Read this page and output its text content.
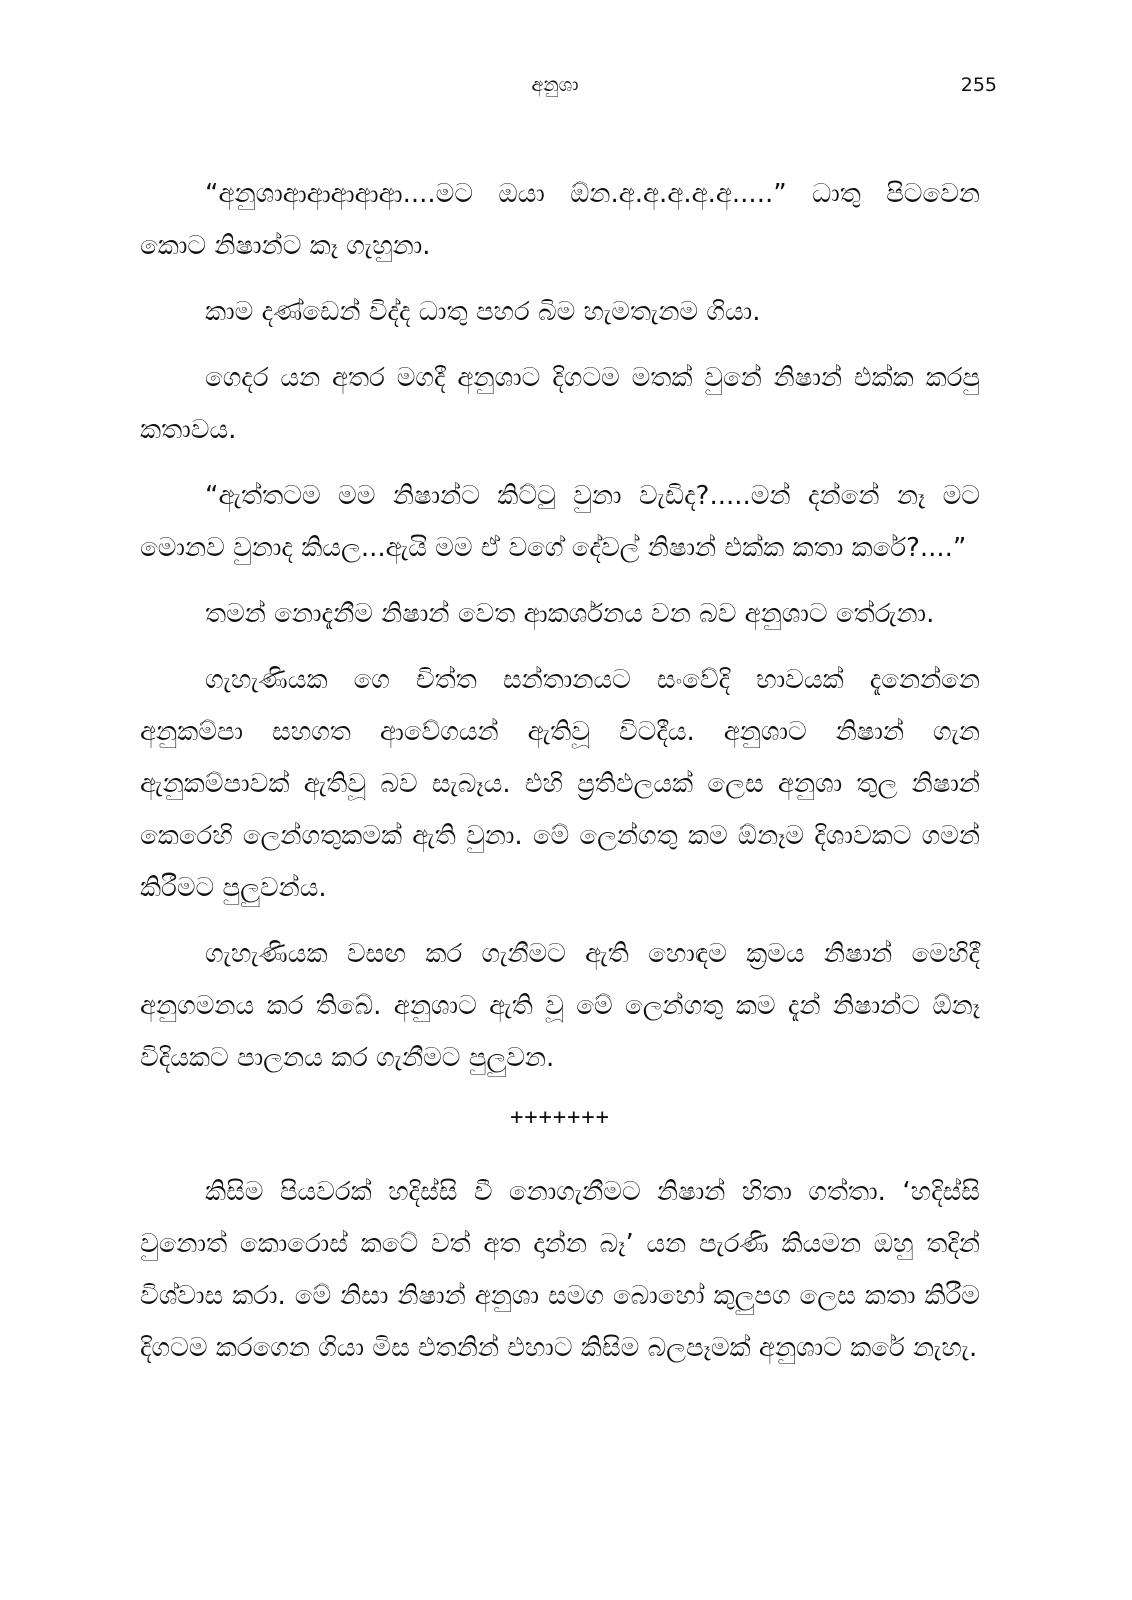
අනුශා	255

“අනුශාආආආආආ....මට ඔයා ඕන.අ.අ.අ.අ.අ.....” ධාතු පිටවෙන කොට නිෂාන්ට කෑ ගැහුනා.

කාම දණ්ඩෙන් විද්ද ධාතු පහර බිම හැමතැනම ගියා.

ගෙදර යන අතර මගදී අනුශාට දිගටම මතක් වුනේ නිෂාන් එක්ක කරපු කතාවය.

“ඇත්තටම මම නිෂාන්ට කිට්ටු වුනා වැඩිද?.....මන් දන්නේ නෑ මට මොනව වුනාද කියල...ඇයි මම ඒ වගේ දේවල් නිෂාන් එක්ක කතා කරේ?....”

තමන් නොදැනීම නිෂාන් වෙත ආකර්ශනය වන බව අනුශාට තේරුනා.

ගැහැණියක ගෙ චිත්ත සන්තානයට සංවේදි භාවයක් දැනෙන්නෙ අනුකම්පා සහගත ආවේගයන් ඇතිවූ විටදීය. අනුශාට නිෂාන් ගැන ඇනුකම්පාවක් ඇතිවූ බව සැබෑය. එහි ප්‍රතිඵලයක් ලෙස අනුශා තුල නිෂාන් කෙරෙහි ලෙන්ගතුකමක් ඇති වුනා. මේ ලෙන්ගතු කම ඕනෑම දිශාවකට ගමන් කිරීමට පුලුවන්ය.

ගැහැණියක වසඟ කර ගැනීමට ඇති හොඳම ක්‍රමය නිෂාන් මෙහිදී අනුගමනය කර තිබේ. අනුශාට ඇති වූ මේ ලෙන්ගතු කම දැන් නිෂාන්ට ඕනෑ විදියකට පාලනය කර ගැනීමට පුලුවන.

+++++++

කිසිම පියවරක් හදිස්සි වී නොගැනීමට නිෂාන් හිතා ගත්තා. ‘හදිස්සි වුනොත් කොරොස් කටේ වත් අත දාන්න බෑ’ යන පැරණි කියමන ඔහු තදින් විශ්වාස කරා. මේ නිසා නිෂාන් අනුශා සමග බොහෝ කුලුපග ලෙස කතා කිරීම දිගටම කරගෙන ගියා මිස එතනින් එහාට කිසිම බලපෑමක් අනුශාට කරේ නැහැ.
